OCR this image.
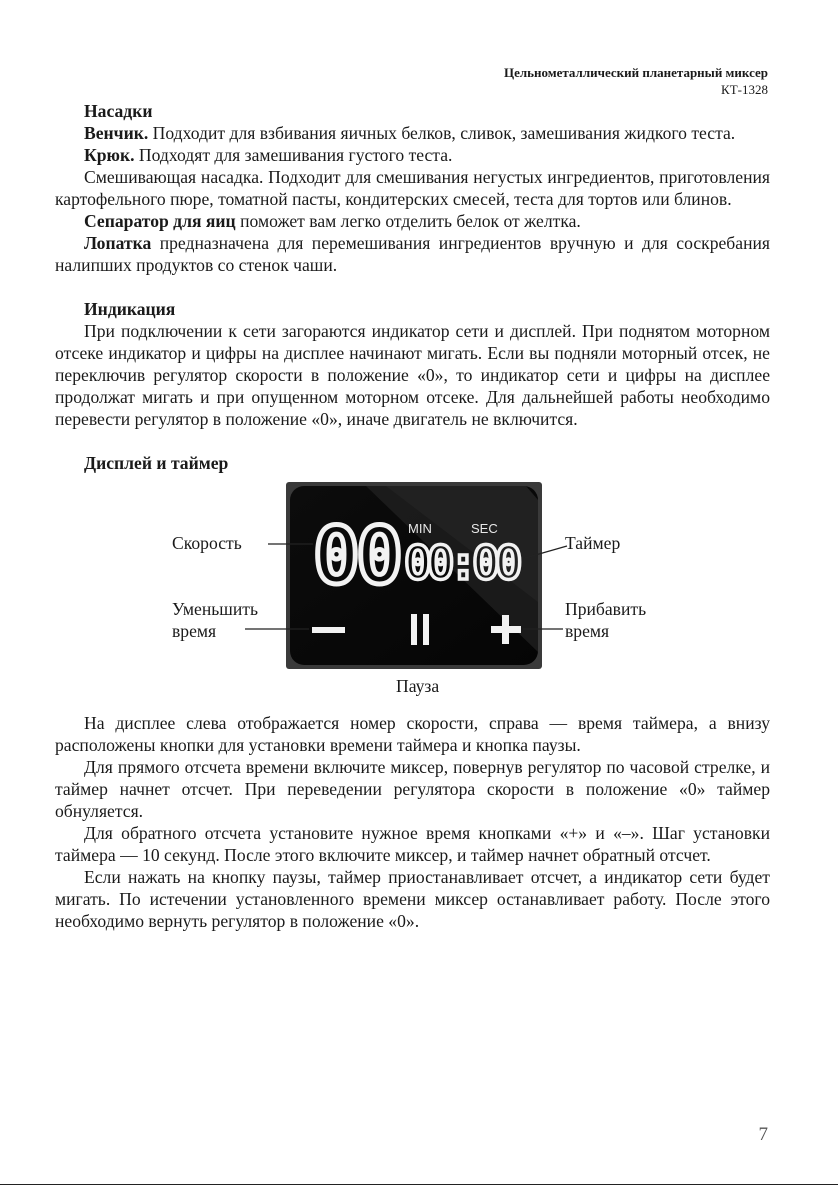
Цельнометаллический планетарный миксер
КТ-1328

Насадки

Венчик. Подходит для взбивания яичных белков, сливок, замешивания жидкого теста.

Крюк. Подходят для замешивания густого теста.

Смешивающая насадка. Подходит для смешивания негустых ингредиентов, приготовления картофельного пюре, томатной пасты, кондитерских смесей, теста для тортов или блинов.

Сепаратор для яиц поможет вам легко отделить белок от желтка.

Лопатка предназначена для перемешивания ингредиентов вручную и для соскребания налипших продуктов со стенок чаши.

Индикация

При подключении к сети загораются индикатор сети и дисплей. При поднятом моторном отсеке индикатор и цифры на дисплее начинают мигать. Если вы подняли моторный отсек, не переключив регулятор скорости в положение «0», то индикатор сети и цифры на дисплее продолжат мигать и при опущенном моторном отсеке. Для дальнейшей работы необходимо перевести регулятор в положение «0», иначе двигатель не включится.

Дисплей и таймер

Скорость	Таймер
Уменьшить
время
Прибавить
время
00 MIN	SEC
00:00
Пауза

На дисплее слева отображается номер скорости, справа — время таймера, а внизу расположены кнопки для установки времени таймера и кнопка паузы.

Для прямого отсчета времени включите миксер, повернув регулятор по часовой стрелке, и таймер начнет отсчет. При переведении регулятора скорости в положение «0» таймер обнуляется.

Для обратного отсчета установите нужное время кнопками «+» и «–». Шаг установки таймера — 10 секунд. После этого включите миксер, и таймер начнет обратный отсчет.

Если нажать на кнопку паузы, таймер приостанавливает отсчет, а индикатор сети будет мигать. По истечении установленного времени миксер останавливает работу. После этого необходимо вернуть регулятор в положение «0».

7
